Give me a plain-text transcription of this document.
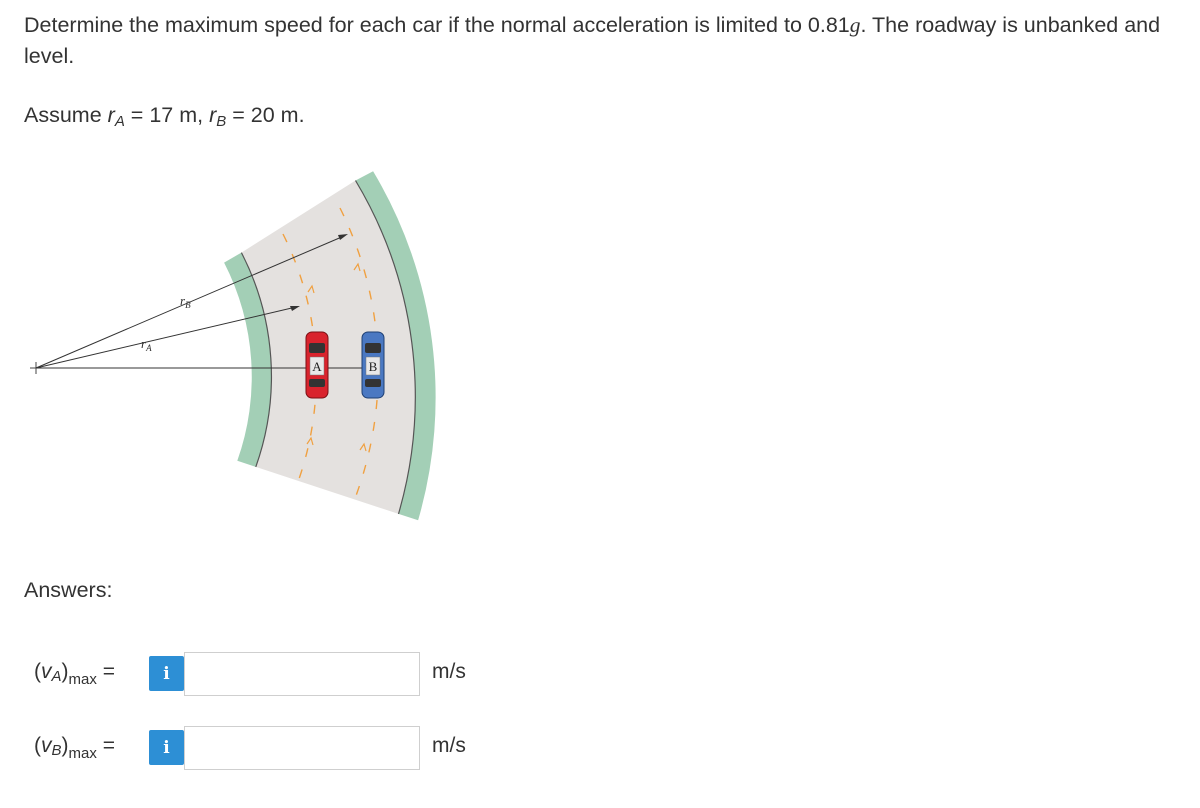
Determine the maximum speed for each car if the normal acceleration is limited to 0.81g. The roadway is unbanked and level.

Assume $r_A = 17$ m, $r_B = 20$ m.

$r_A$
$r_B$
A	B

Answers:

$(vA)_{max}$ =	i	m/s
$(vB)_{max}$ =	i	m/s
